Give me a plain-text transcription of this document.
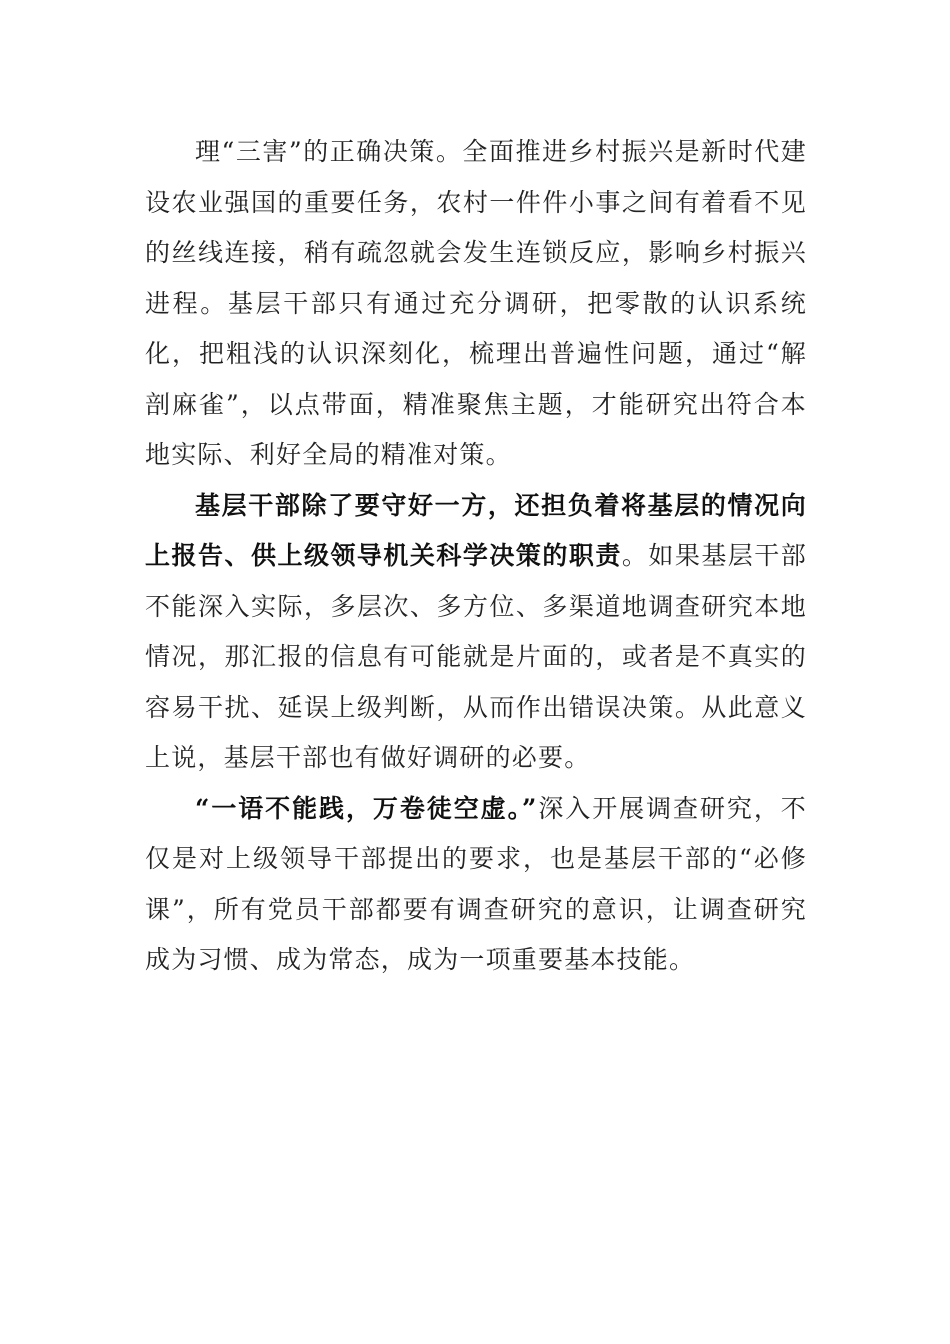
理“三害”的正确决策。全面推进乡村振兴是新时代建设农业强国的重要任务，农村一件件小事之间有着看不见的丝线连接，稍有疏忽就会发生连锁反应，影响乡村振兴进程。基层干部只有通过充分调研，把零散的认识系统化，把粗浅的认识深刻化，梳理出普遍性问题，通过“解剖麻雀”，以点带面，精准聚焦主题，才能研究出符合本地实际、利好全局的精准对策。

基层干部除了要守好一方，还担负着将基层的情况向上报告、供上级领导机关科学决策的职责。如果基层干部不能深入实际，多层次、多方位、多渠道地调查研究本地情况，那汇报的信息有可能就是片面的，或者是不真实的容易干扰、延误上级判断，从而作出错误决策。从此意义上说，基层干部也有做好调研的必要。

“一语不能践，万卷徒空虚。”深入开展调查研究，不仅是对上级领导干部提出的要求，也是基层干部的“必修课”，所有党员干部都要有调查研究的意识，让调查研究成为习惯、成为常态，成为一项重要基本技能。
